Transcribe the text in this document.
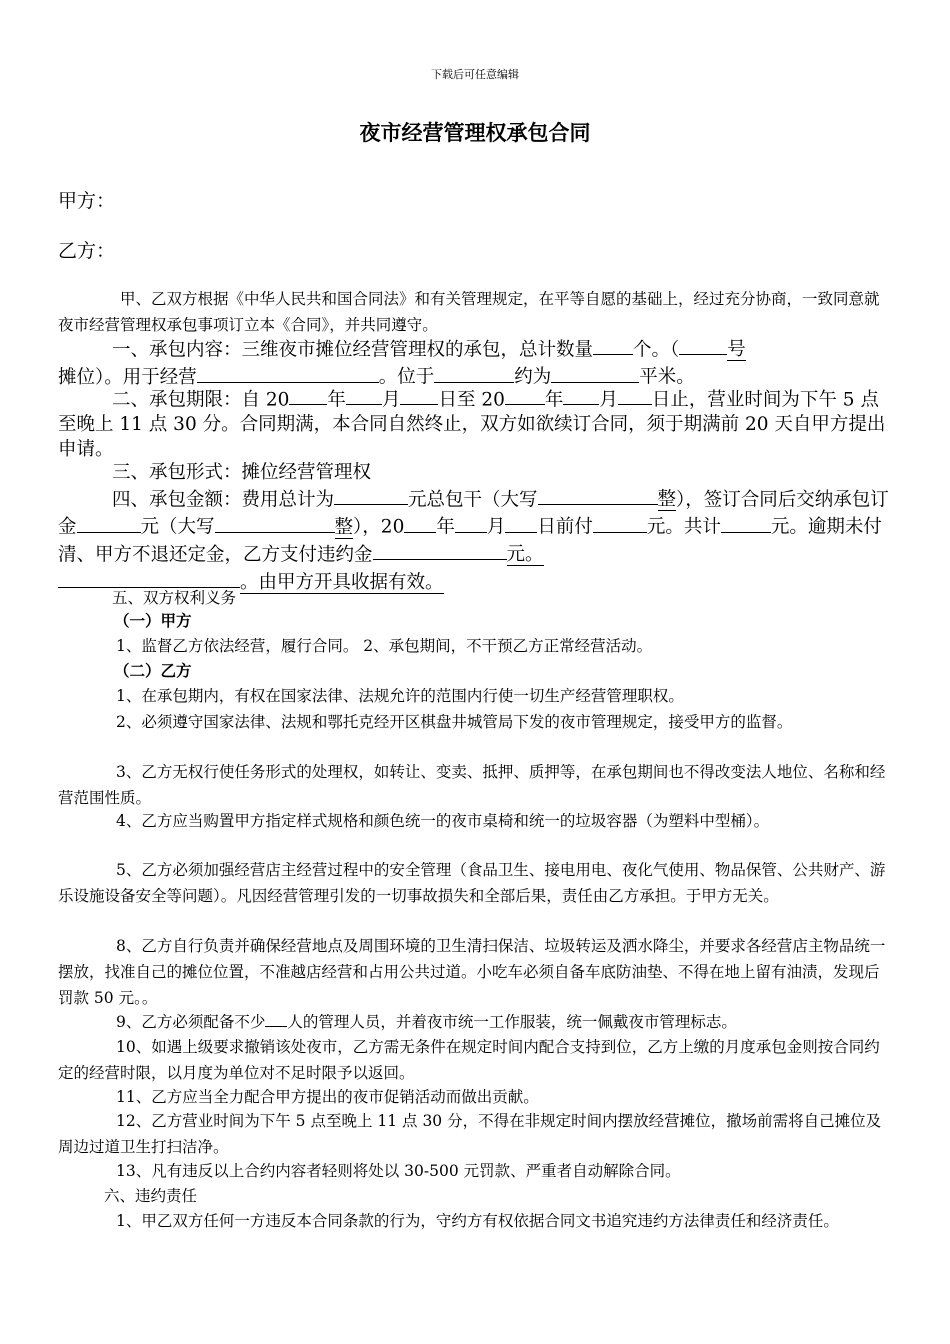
下载后可任意编辑
夜市经营管理权承包合同
甲方：
乙方：

甲、乙双方根据《中华人民共和国合同法》和有关管理规定，在平等自愿的基础上，经过充分协商，一致同意就夜市经营管理权承包事项订立本《合同》，并共同遵守。

一、承包内容：三维夜市摊位经营管理权的承包，总计数量 个。（	号
摊位）。用于经营	。位于	约为	平米。

二、承包期限：自 20 年 月 日至 20 年 月 日止，营业时间为下午 5 点至晚上 11 点 30 分。合同期满，本合同自然终止，双方如欲续订合同，须于期满前 20 天自甲方提出申请。

三、承包形式：摊位经营管理权

四、承包金额：费用总计为	元总包干（大写	整），签订合同后交纳承包订金	元（大写	整），20 年 月 日前付	元。共计	元。逾期未付清、甲方不退还定金，乙方支付违约金	元。
。由甲方开具收据有效。

五、双方权利义务

（一）甲方

1、监督乙方依法经营，履行合同。 2、承包期间，不干预乙方正常经营活动。

（二）乙方

1、在承包期内，有权在国家法律、法规允许的范围内行使一切生产经营管理职权。

2、必须遵守国家法律、法规和鄂托克经开区棋盘井城管局下发的夜市管理规定，接受甲方的监督。

3、乙方无权行使任务形式的处理权，如转让、变卖、抵押、质押等，在承包期间也不得改变法人地位、名称和经营范围性质。

4、乙方应当购置甲方指定样式规格和颜色统一的夜市桌椅和统一的垃圾容器（为塑料中型桶）。

5、乙方必须加强经营店主经营过程中的安全管理（食品卫生、接电用电、夜化气使用、物品保管、公共财产、游乐设施设备安全等问题）。凡因经营管理引发的一切事故损失和全部后果，责任由乙方承担。于甲方无关。

8、乙方自行负责并确保经营地点及周围环境的卫生清扫保洁、垃圾转运及洒水降尘，并要求各经营店主物品统一摆放，找准自己的摊位位置，不准越店经营和占用公共过道。小吃车必须自备车底防油垫、不得在地上留有油渍，发现后罚款 50 元。。

9、乙方必须配备不少 人的管理人员，并着夜市统一工作服装，统一佩戴夜市管理标志。

10、如遇上级要求撤销该处夜市，乙方需无条件在规定时间内配合支持到位，乙方上缴的月度承包金则按合同约定的经营时限，以月度为单位对不足时限予以返回。

11、乙方应当全力配合甲方提出的夜市促销活动而做出贡献。

12、乙方营业时间为下午 5 点至晚上 11 点 30 分，不得在非规定时间内摆放经营摊位，撤场前需将自己摊位及周边过道卫生打扫洁净。

13、凡有违反以上合约内容者轻则将处以 30-500 元罚款、严重者自动解除合同。

六、违约责任

1、甲乙双方任何一方违反本合同条款的行为，守约方有权依据合同文书追究违约方法律责任和经济责任。
